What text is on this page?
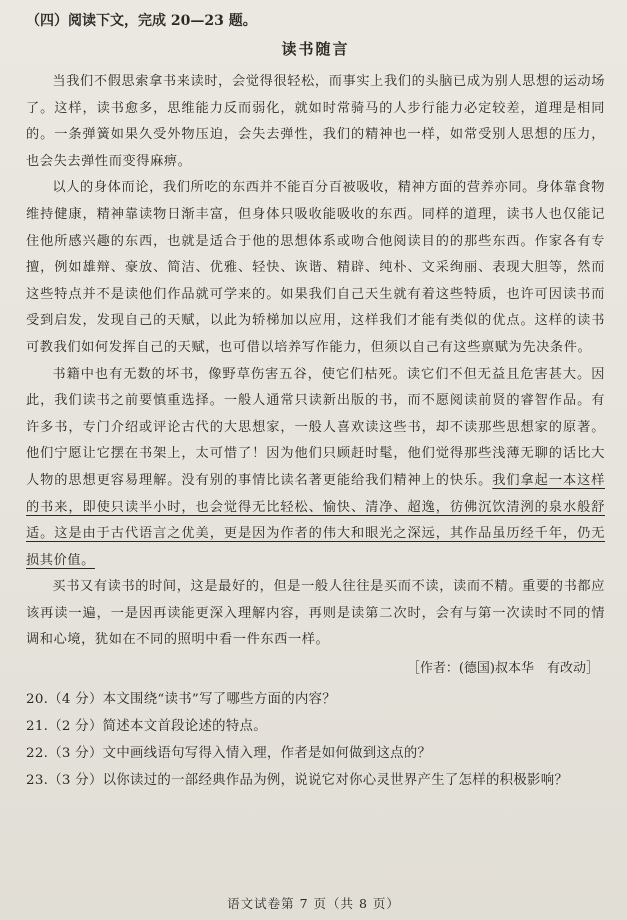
（四）阅读下文，完成 20—23 题。

读书随言

当我们不假思索拿书来读时，会觉得很轻松，而事实上我们的头脑已成为别人思想的运动场了。这样，读书愈多，思维能力反而弱化，就如时常骑马的人步行能力必定较差，道理是相同的。一条弹簧如果久受外物压迫，会失去弹性，我们的精神也一样，如常受别人思想的压力，也会失去弹性而变得麻痹。

以人的身体而论，我们所吃的东西并不能百分百被吸收，精神方面的营养亦同。身体靠食物维持健康，精神靠读物日渐丰富，但身体只吸收能吸收的东西。同样的道理，读书人也仅能记住他所感兴趣的东西，也就是适合于他的思想体系或吻合他阅读目的的那些东西。作家各有专擅，例如雄辩、豪放、简洁、优雅、轻快、诙谐、精辟、纯朴、文采绚丽、表现大胆等，然而这些特点并不是读他们作品就可学来的。如果我们自己天生就有着这些特质，也许可因读书而受到启发，发现自己的天赋，以此为轿梯加以应用，这样我们才能有类似的优点。这样的读书可教我们如何发挥自己的天赋，也可借以培养写作能力，但须以自己有这些禀赋为先决条件。

书籍中也有无数的坏书，像野草伤害五谷，使它们枯死。读它们不但无益且危害甚大。因此，我们读书之前要慎重选择。一般人通常只读新出版的书，而不愿阅读前贤的睿智作品。有许多书，专门介绍或评论古代的大思想家，一般人喜欢读这些书，却不读那些思想家的原著。他们宁愿让它摆在书架上，太可惜了！因为他们只顾赶时髦，他们觉得那些浅薄无聊的话比大人物的思想更容易理解。没有别的事情比读名著更能给我们精神上的快乐。我们拿起一本这样的书来，即使只读半小时，也会觉得无比轻松、愉快、清净、超逸，彷佛沉饮清洌的泉水般舒适。这是由于古代语言之优美，更是因为作者的伟大和眼光之深远，其作品虽历经千年，仍无损其价值。

买书又有读书的时间，这是最好的，但是一般人往往是买而不读，读而不精。重要的书都应该再读一遍，一是因再读能更深入理解内容，再则是读第二次时，会有与第一次读时不同的情调和心境，犹如在不同的照明中看一件东西一样。

［作者：(德国)叔本华　有改动］

20.（4 分）本文围绕“读书”写了哪些方面的内容？

21.（2 分）简述本文首段论述的特点。

22.（3 分）文中画线语句写得入情入理，作者是如何做到这点的？

23.（3 分）以你读过的一部经典作品为例，说说它对你心灵世界产生了怎样的积极影响？

语文试卷第 7 页（共 8 页）
